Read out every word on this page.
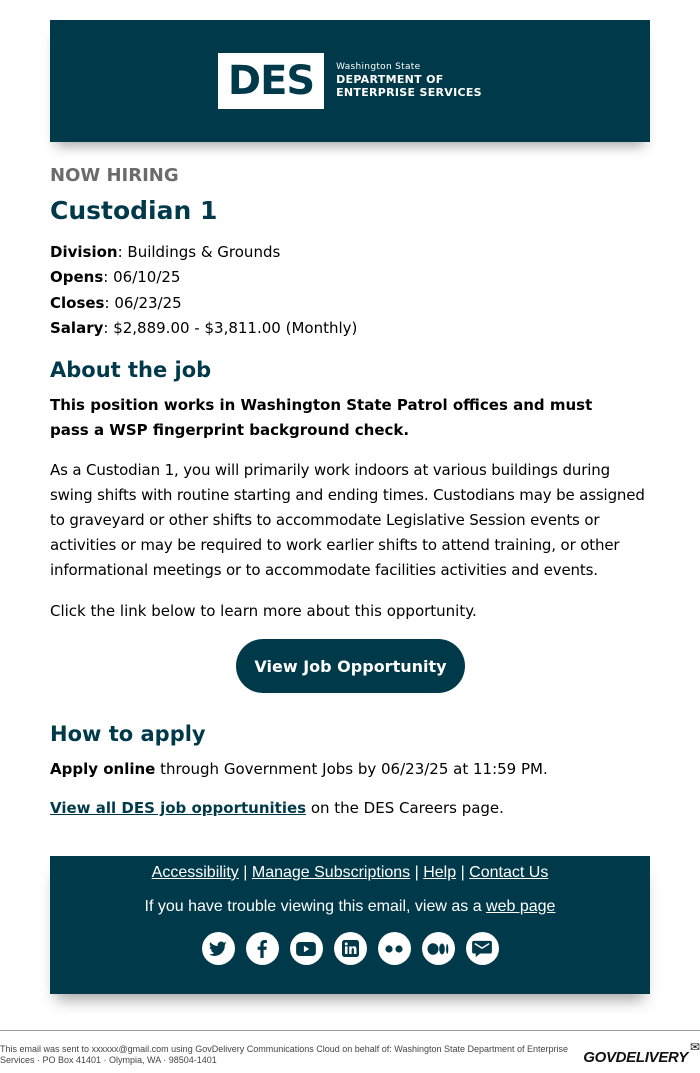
DES	Washington State
DEPARTMENT OF
ENTERPRISE SERVICES
NOW HIRING
Custodian 1
Division: Buildings & Grounds
Opens: 06/10/25
Closes: 06/23/25
Salary: $2,889.00 - $3,811.00 (Monthly)
About the job

This position works in Washington State Patrol offices and must pass a WSP fingerprint background check.

As a Custodian 1, you will primarily work indoors at various buildings during swing shifts with routine starting and ending times. Custodians may be assigned to graveyard or other shifts to accommodate Legislative Session events or activities or may be required to work earlier shifts to attend training, or other informational meetings or to accommodate facilities activities and events.

Click the link below to learn more about this opportunity.

View Job Opportunity
How to apply

Apply online through Government Jobs by 06/23/25 at 11:59 PM.

View all DES job opportunities on the DES Careers page.

Accessibility | Manage Subscriptions | Help | Contact Us
If you have trouble viewing this email, view as a web page
This email was sent to xxxxxx@gmail.com using GovDelivery Communications Cloud on behalf of: Washington State Department of Enterprise Services · PO Box 41401 · Olympia, WA · 98504-1401
✉
GOVDELIVERY
